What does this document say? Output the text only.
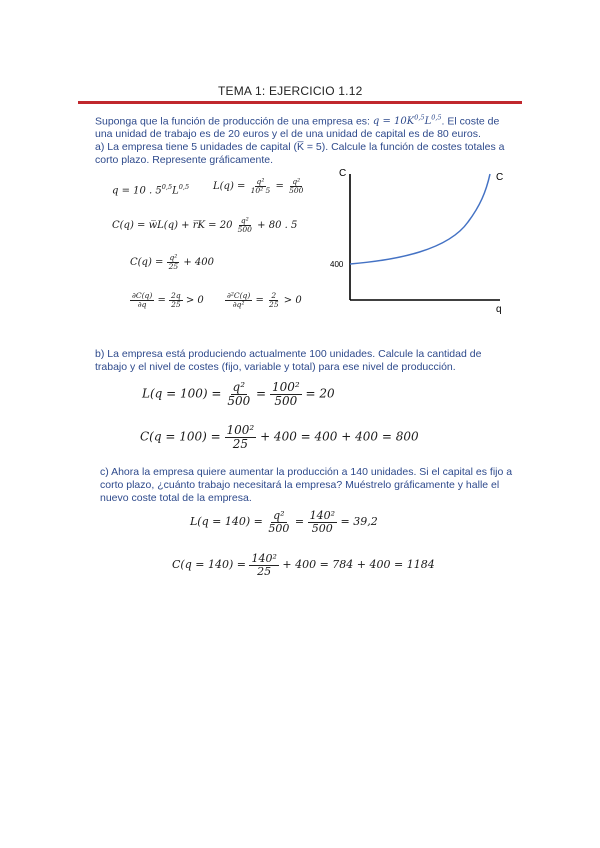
TEMA 1: EJERCICIO 1.12
Suponga que la función de producción de una empresa es: $q = 10K^{0,5}L^{0,5}$. El coste de
una unidad de trabajo es de 20 euros y el de una unidad de capital es de 80 euros.
a) La empresa tiene 5 unidades de capital (K̅ = 5). Calcule la función de costes totales a
corto plazo. Represente gráficamente.
q = 10 . $5^{0,5}L^{0,5}$ $L(q) = \frac{\text{q²}}{\text{10² 5}} = \frac{\text{q²}}{500}$
C(q) = w̅L(q) + r̅K = $20 \frac{\text{q²}}{500} + 80$ . 5
$C(q) = \frac{\text{q²}}{25} + 400$
$\frac{\partial C(q)}{\partial q} = \frac{2q}{25} > 0$	$\frac{\text{∂²C(q)}}{\text{∂q²}} = \frac{2}{25} > 0$
C
q
C
400
b) La empresa está produciendo actualmente 100 unidades. Calcule la cantidad de
trabajo y el nivel de costes (fijo, variable y total) para ese nivel de producción.
$L(q = 100) = \frac{\text{q²}}{500} = \frac{\text{100²}}{500} = 20$
$C(q = 100) = \frac{\text{100²}}{25} + 400 = 400 + 400 = 800$
c) Ahora la empresa quiere aumentar la producción a 140 unidades. Si el capital es fijo a
corto plazo, ¿cuánto trabajo necesitará la empresa? Muéstrelo gráficamente y halle el
nuevo coste total de la empresa.
$L(q = 140) = \frac{\text{q²}}{500} = \frac{\text{140²}}{500} = 39,2$
$C(q = 140) = \frac{\text{140²}}{25} + 400 = 784 + 400 = 1184$
